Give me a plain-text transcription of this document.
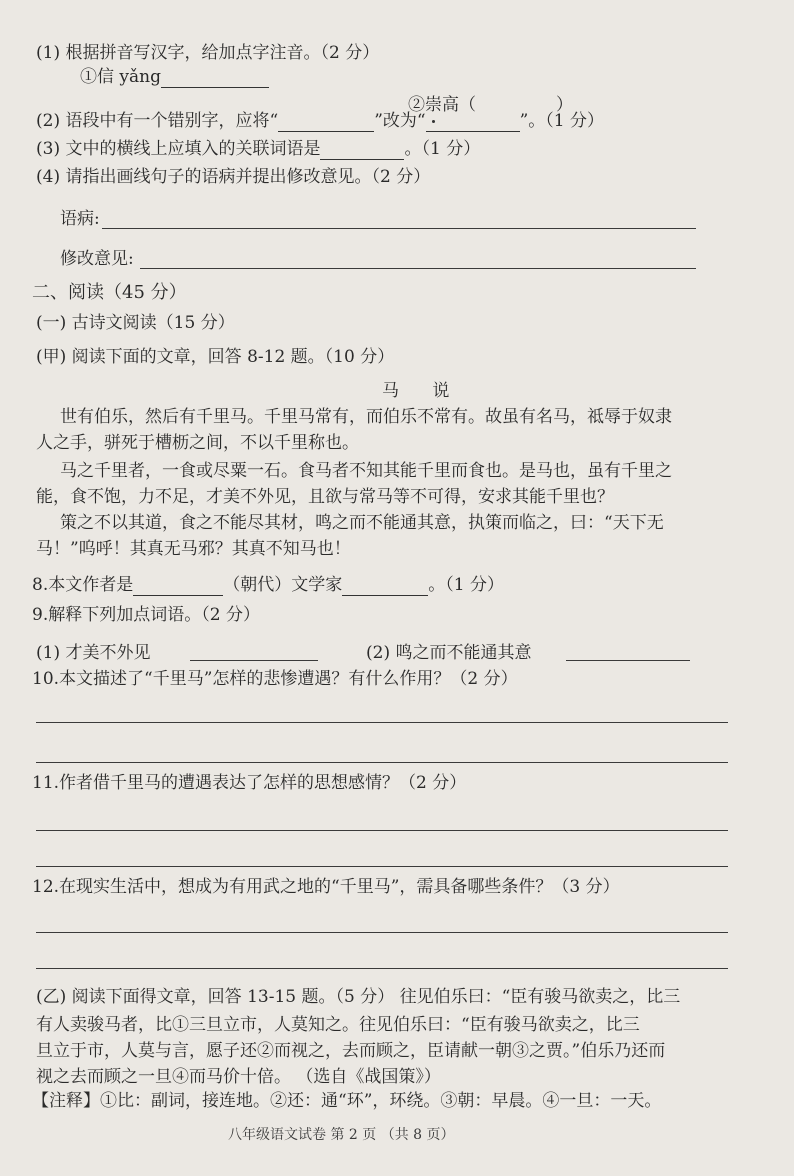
(1) 根据拼音写汉字，给加点字注音。（2 分）
①信 yǎng
②崇高（	）
(2) 语段中有一个错别字，应将“	”改为“	”。（1 分）
(3) 文中的横线上应填入的关联词语是	。（1 分）
(4) 请指出画线句子的语病并提出修改意见。（2 分）
语病:
修改意见:
二、阅读（45 分）
(一) 古诗文阅读（15 分）
(甲) 阅读下面的文章，回答 8-12 题。（10 分）
马 说
世有伯乐，然后有千里马。千里马常有，而伯乐不常有。故虽有名马，祗辱于奴隶
人之手，骈死于槽枥之间，不以千里称也。
马之千里者，一食或尽粟一石。食马者不知其能千里而食也。是马也，虽有千里之
能，食不饱，力不足，才美不外见，且欲与常马等不可得，安求其能千里也？
策之不以其道，食之不能尽其材，鸣之而不能通其意，执策而临之，曰：“天下无
马！”呜呼！其真无马邪？其真不知马也！
8.本文作者是	（朝代）文学家	。（1 分）
9.解释下列加点词语。（2 分）
(1) 才美不外见	(2) 鸣之而不能通其意
10.本文描述了“千里马”怎样的悲惨遭遇？有什么作用？（2 分）
11.作者借千里马的遭遇表达了怎样的思想感情？（2 分）
12.在现实生活中，想成为有用武之地的“千里马”，需具备哪些条件？（3 分）
(乙) 阅读下面得文章，回答 13-15 题。（5 分） 往见伯乐曰：“臣有骏马欲卖之，比三
有人卖骏马者，比①三旦立市，人莫知之。往见伯乐曰：“臣有骏马欲卖之，比三
旦立于市，人莫与言，愿子还②而视之，去而顾之，臣请献一朝③之贾。”伯乐乃还而
视之去而顾之一旦④而马价十倍。 （选自《战国策》）
【注释】①比：副词，接连地。②还：通“环”，环绕。③朝：早晨。④一旦：一天。
八年级语文试卷 第 2 页 （共 8 页）
